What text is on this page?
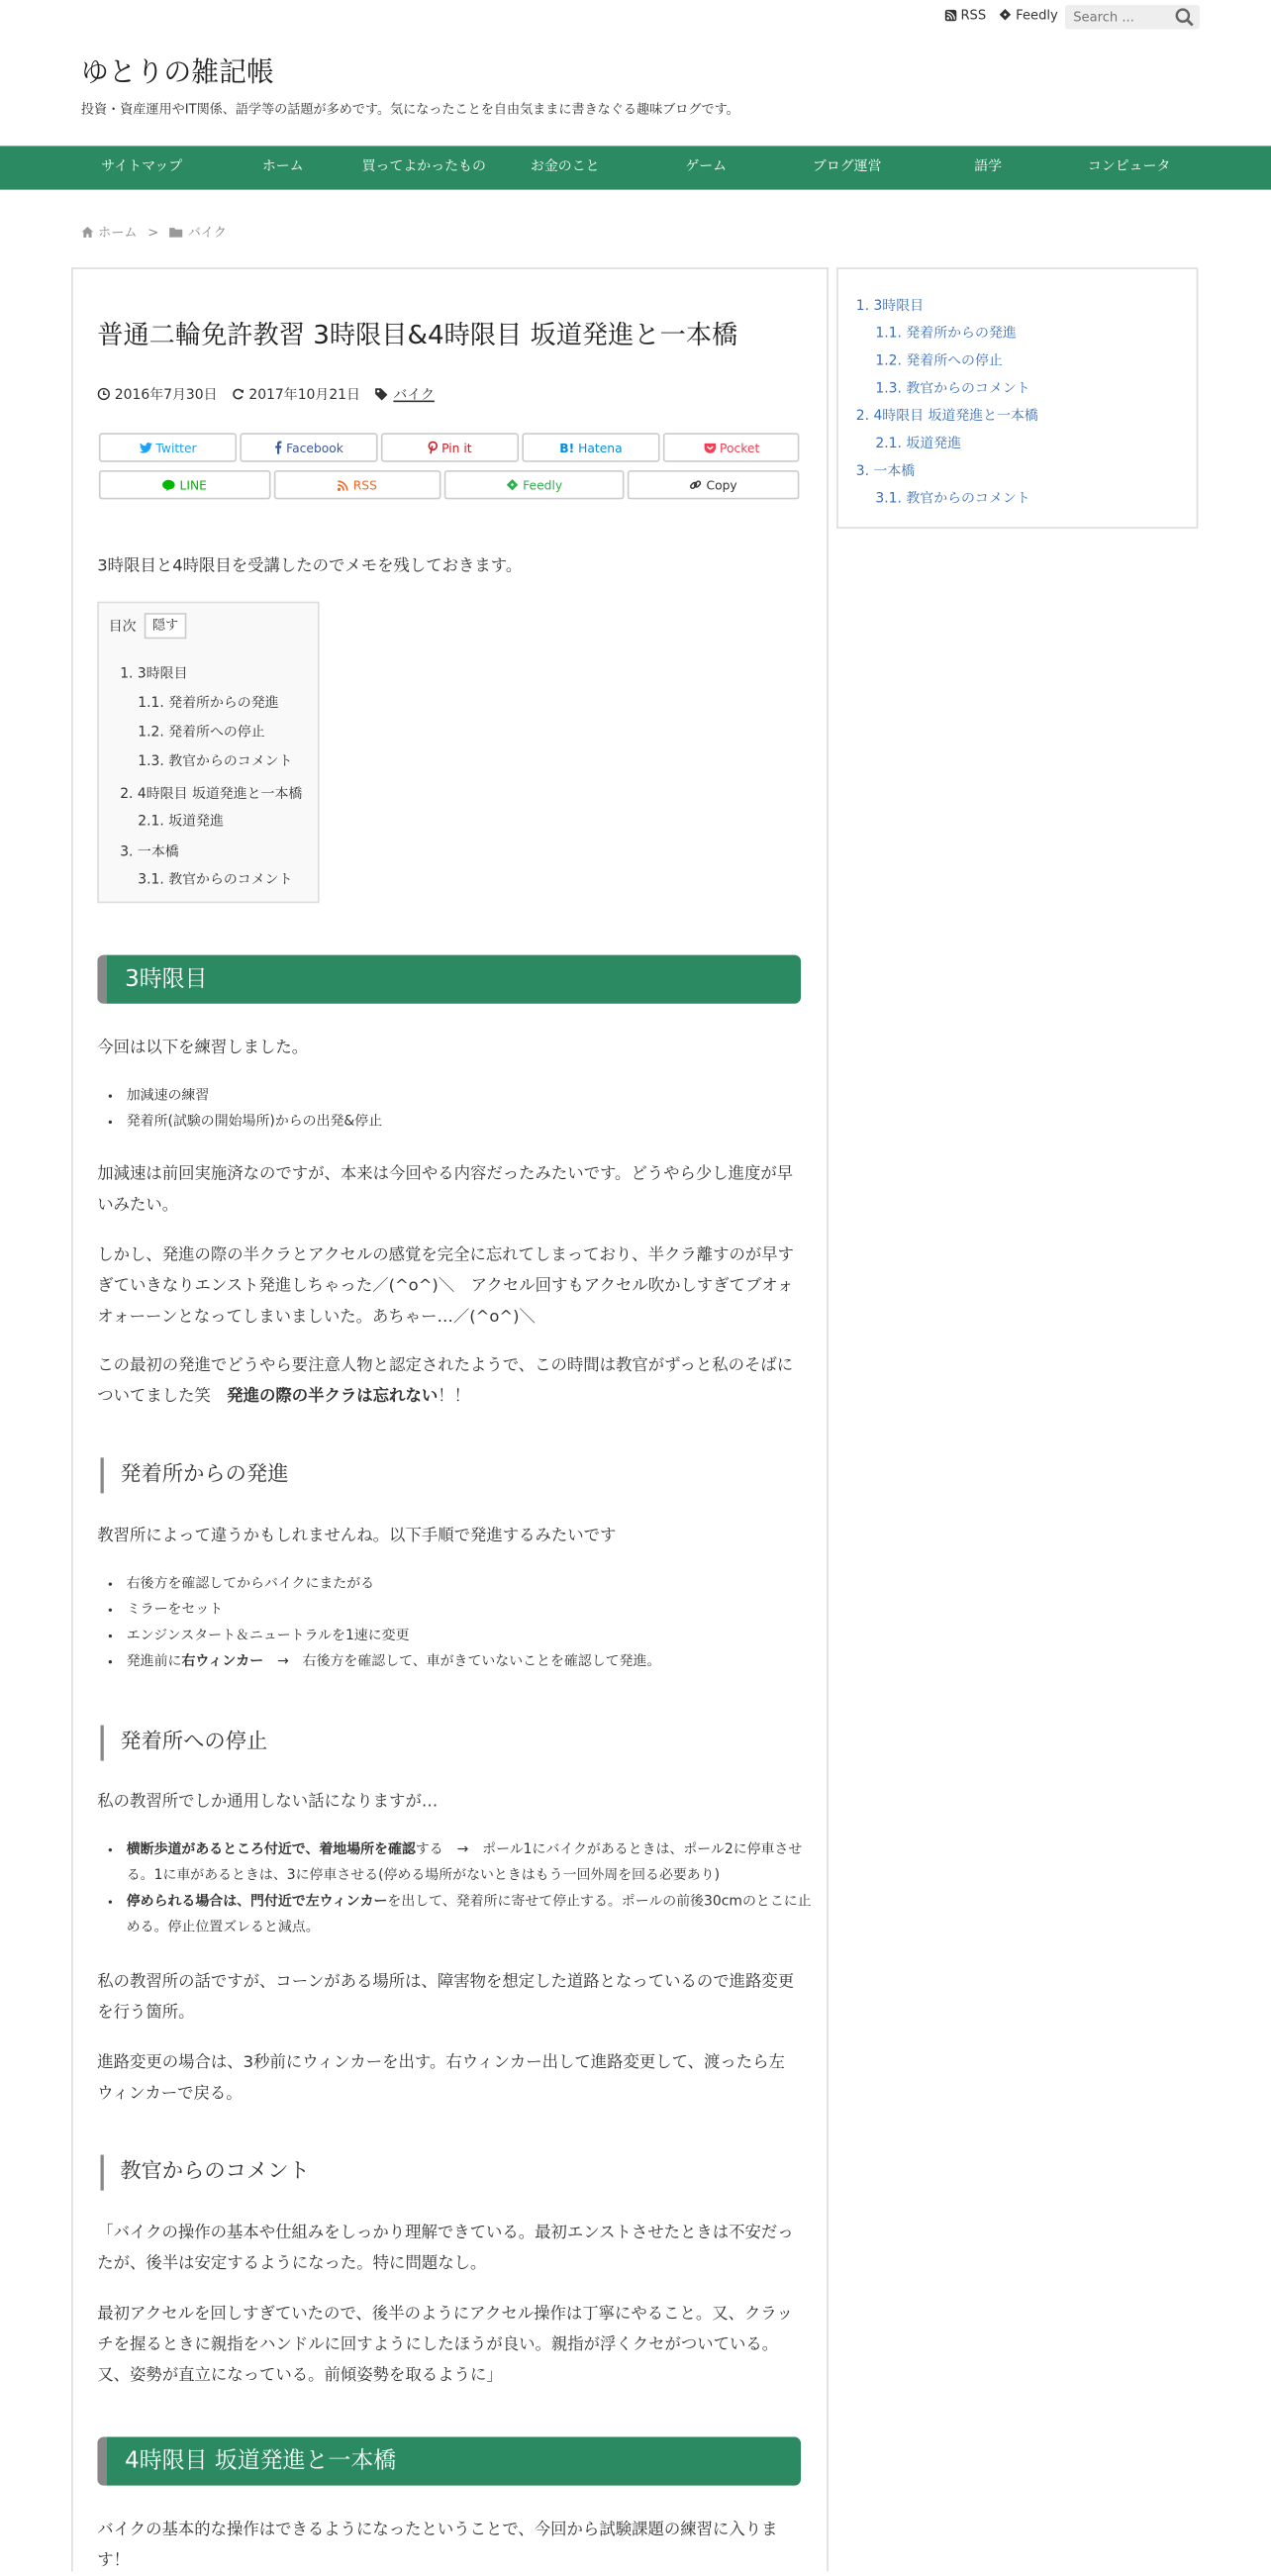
RSS	Feedly
Search ...
ゆとりの雑記帳
投資・資産運用やIT関係、語学等の話題が多めです。気になったことを自由気ままに書きなぐる趣味ブログです。
サイトマップ	ホーム	買ってよかったもの	お金のこと	ゲーム	ブログ運営	語学	コンピュータ
ホーム >	バイク
普通二輪免許教習 3時限目&4時限目 坂道発進と一本橋
2016年7月30日	2017年10月21日	バイク
Twitter	Facebook	Pin it	B! Hatena	Pocket
LINE	RSS	Feedly	Copy

3時限目と4時限目を受講したのでメモを残しておきます。

目次	隠す
1. 3時限目
1.1. 発着所からの発進
1.2. 発着所への停止
1.3. 教官からのコメント
2. 4時限目 坂道発進と一本橋
2.1. 坂道発進
3. 一本橋
3.1. 教官からのコメント
3時限目

今回は以下を練習しました。

• 加減速の練習
• 発着所(試験の開始場所)からの出発&停止

加減速は前回実施済なのですが、本来は今回やる内容だったみたいです。どうやら少し進度が早いみたい。

しかし、発進の際の半クラとアクセルの感覚を完全に忘れてしまっており、半クラ離すのが早すぎていきなりエンスト発進しちゃった／(^o^)＼　アクセル回すもアクセル吹かしすぎてブオォオォーーンとなってしまいましいた。あちゃー…／(^o^)＼

この最初の発進でどうやら要注意人物と認定されたようで、この時間は教官がずっと私のそばについてました笑　発進の際の半クラは忘れない！！

発着所からの発進

教習所によって違うかもしれませんね。以下手順で発進するみたいです

• 右後方を確認してからバイクにまたがる
• ミラーをセット
• エンジンスタート＆ニュートラルを1速に変更
• 発進前に右ウィンカー　→　右後方を確認して、車がきていないことを確認して発進。
発着所への停止

私の教習所でしか通用しない話になりますが…

• 横断歩道があるところ付近で、着地場所を確認する　→　ポール1にバイクがあるときは、ポール2に停車させる。1に車があるときは、3に停車させる(停める場所がないときはもう一回外周を回る必要あり)
• 停められる場合は、門付近で左ウィンカーを出して、発着所に寄せて停止する。ポールの前後30cmのとこに止める。停止位置ズレると減点。

私の教習所の話ですが、コーンがある場所は、障害物を想定した道路となっているので進路変更を行う箇所。

進路変更の場合は、3秒前にウィンカーを出す。右ウィンカー出して進路変更して、渡ったら左ウィンカーで戻る。

教官からのコメント

「バイクの操作の基本や仕組みをしっかり理解できている。最初エンストさせたときは不安だったが、後半は安定するようになった。特に問題なし。

最初アクセルを回しすぎていたので、後半のようにアクセル操作は丁寧にやること。又、クラッチを握るときに親指をハンドルに回すようにしたほうが良い。親指が浮くクセがついている。又、姿勢が直立になっている。前傾姿勢を取るように」

4時限目 坂道発進と一本橋

バイクの基本的な操作はできるようになったということで、今回から試験課題の練習に入ります！

1. 3時限目
1.1. 発着所からの発進
1.2. 発着所への停止
1.3. 教官からのコメント
2. 4時限目 坂道発進と一本橋
2.1. 坂道発進
3. 一本橋
3.1. 教官からのコメント
